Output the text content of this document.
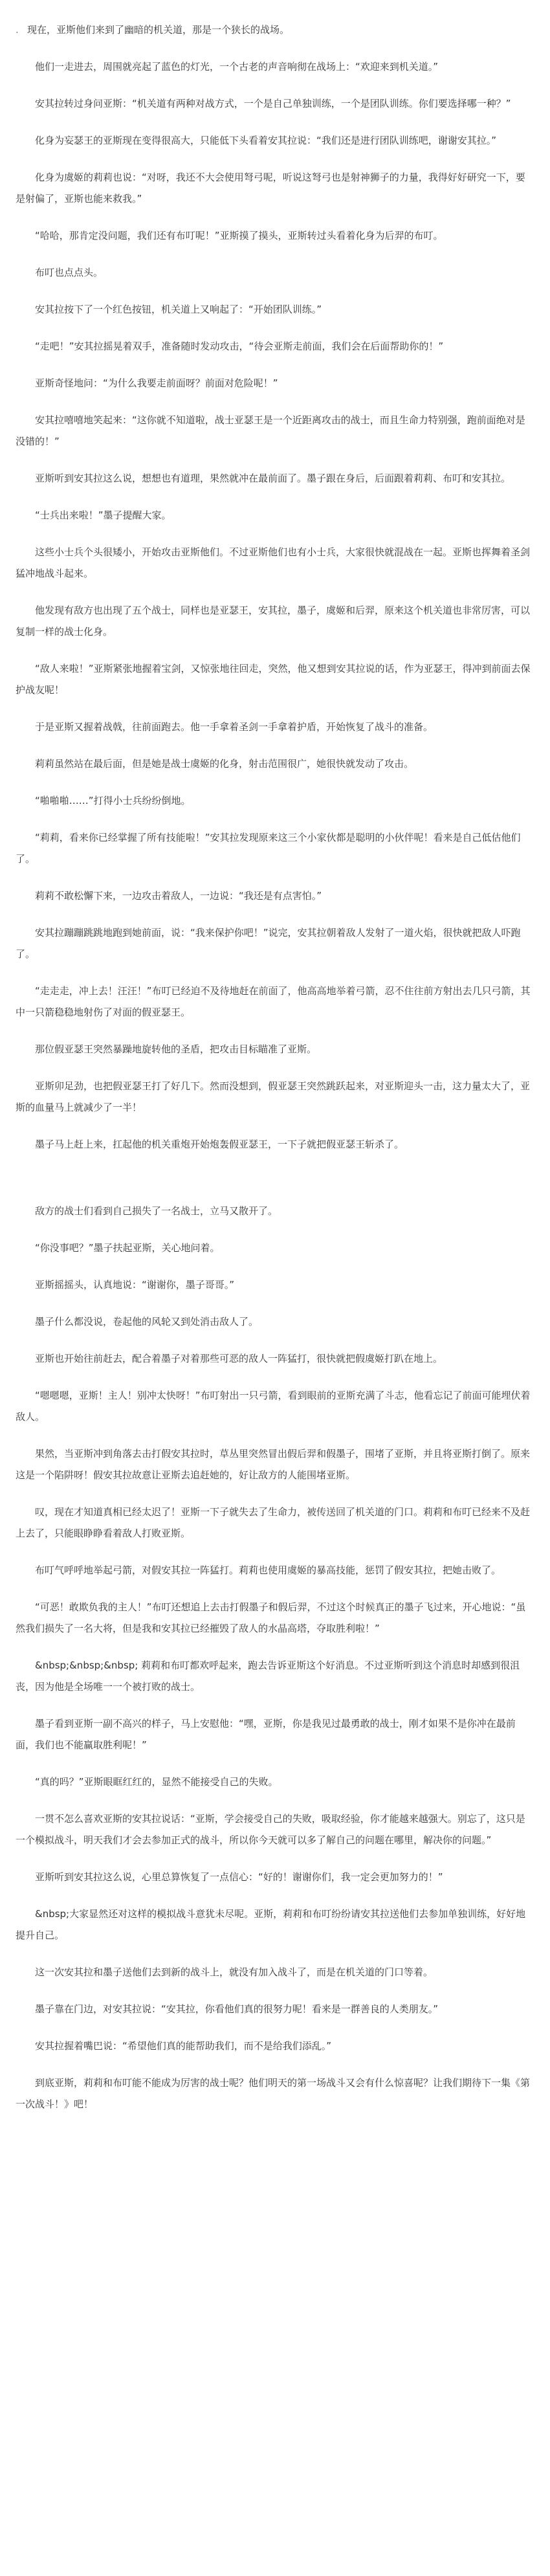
. 现在，亚斯他们来到了幽暗的机关道，那是一个狭长的战场。

他们一走进去，周围就亮起了蓝色的灯光，一个古老的声音响彻在战场上：“欢迎来到机关道。”

安其拉转过身问亚斯：“机关道有两种对战方式，一个是自己单独训练，一个是团队训练。你们要选择哪一种？”

化身为妄瑟王的亚斯现在变得很高大，只能低下头看着安其拉说：“我们还是进行团队训练吧，谢谢安其拉。”

化身为虞姬的莉莉也说：“对呀，我还不大会使用弩弓呢，听说这弩弓也是射神狮子的力量，我得好好研究一下，要是射偏了，亚斯也能来救我。”

“哈哈，那肯定没问题，我们还有布叮呢！”亚斯摸了摸头，亚斯转过头看着化身为后羿的布叮。

布叮也点点头。

安其拉按下了一个红色按钮，机关道上又响起了：“开始团队训练。”

“走吧！”安其拉摇晃着双手，准备随时发动攻击，“待会亚斯走前面，我们会在后面帮助你的！”

亚斯奇怪地问：“为什么我要走前面呀？前面对危险呢！”

安其拉嘻嘻地笑起来：“这你就不知道啦，战士亚瑟王是一个近距离攻击的战士，而且生命力特别强，跑前面绝对是没错的！”

亚斯听到安其拉这么说，想想也有道理，果然就冲在最前面了。墨子跟在身后，后面跟着莉莉、布叮和安其拉。

“士兵出来啦！”墨子提醒大家。

这些小士兵个头很矮小，开始攻击亚斯他们。不过亚斯他们也有小士兵，大家很快就混战在一起。亚斯也挥舞着圣剑猛冲地战斗起来。

他发现有敌方也出现了五个战士，同样也是亚瑟王，安其拉，墨子，虞姬和后羿，原来这个机关道也非常厉害，可以复制一样的战士化身。

“敌人来啦！”亚斯紧张地握着宝剑，又惊张地往回走，突然，他又想到安其拉说的话，作为亚瑟王，得冲到前面去保护战友呢！

于是亚斯又握着战戟，往前面跑去。他一手拿着圣剑一手拿着护盾，开始恢复了战斗的准备。

莉莉虽然站在最后面，但是她是战士虞姬的化身，射击范围很广，她很快就发动了攻击。

“啪啪啪……”打得小士兵纷纷倒地。

“莉莉，看来你已经掌握了所有技能啦！”安其拉发现原来这三个小家伙都是聪明的小伙伴呢！看来是自己低估他们了。

莉莉不敢松懈下来，一边攻击着敌人，一边说：“我还是有点害怕。”

安其拉蹦蹦跳跳地跑到她前面，说：“我来保护你吧！”说完，安其拉朝着敌人发射了一道火焰，很快就把敌人吓跑了。

“走走走，冲上去！汪汪！”布叮已经迫不及待地赶在前面了，他高高地举着弓箭，忍不住往前方射出去几只弓箭，其中一只箭稳稳地射伤了对面的假亚瑟王。

那位假亚瑟王突然暴躁地旋转他的圣盾，把攻击目标瞄准了亚斯。

亚斯卯足劲，也把假亚瑟王打了好几下。然而没想到，假亚瑟王突然跳跃起来，对亚斯迎头一击，这力量太大了，亚斯的血量马上就减少了一半！

墨子马上赶上来，扛起他的机关重炮开始炮轰假亚瑟王，一下子就把假亚瑟王斩杀了。

敌方的战士们看到自己损失了一名战士，立马又散开了。

“你没事吧？”墨子扶起亚斯，关心地问着。

亚斯摇摇头，认真地说：“谢谢你，墨子哥哥。”

墨子什么都没说，卷起他的风轮又到处消击敌人了。

亚斯也开始往前赶去，配合着墨子对着那些可恶的敌人一阵猛打，很快就把假虞姬打趴在地上。

“嗯嗯嗯，亚斯！主人！别冲太快呀！”布叮射出一只弓箭，看到眼前的亚斯充满了斗志，他看忘记了前面可能埋伏着敌人。

果然，当亚斯冲到角落去击打假安其拉时，草丛里突然冒出假后羿和假墨子，围堵了亚斯，并且将亚斯打倒了。原来这是一个陷阱呀！假安其拉故意让亚斯去追赶她的，好让敌方的人能围堵亚斯。

叹，现在才知道真相已经太迟了！亚斯一下子就失去了生命力，被传送回了机关道的门口。莉莉和布叮已经来不及赶上去了，只能眼睁睁看着敌人打败亚斯。

布叮气呼呼地举起弓箭，对假安其拉一阵猛打。莉莉也使用虞姬的暴高技能，惩罚了假安其拉，把她击败了。

“可恶！敢欺负我的主人！”布叮还想追上去击打假墨子和假后羿，不过这个时候真正的墨子飞过来，开心地说：“虽然我们损失了一名大将，但是我和安其拉已经摧毁了敌人的水晶高塔，夺取胜利啦！”

&nbsp;&nbsp;&nbsp; 莉莉和布叮都欢呼起来，跑去告诉亚斯这个好消息。不过亚斯听到这个消息时却感到很沮丧，因为他是全场唯一一个被打败的战士。

墨子看到亚斯一副不高兴的样子，马上安慰他：“嘿，亚斯，你是我见过最勇敢的战士，刚才如果不是你冲在最前面，我们也不能赢取胜利呢！”

“真的吗？”亚斯眼眶红红的，显然不能接受自己的失败。

一贯不怎么喜欢亚斯的安其拉说话：“亚斯，学会接受自己的失败，吸取经验，你才能越来越强大。别忘了，这只是一个模拟战斗，明天我们才会去参加正式的战斗，所以你今天就可以多了解自己的问题在哪里，解决你的问题。”

亚斯听到安其拉这么说，心里总算恢复了一点信心：“好的！谢谢你们，我一定会更加努力的！”

&nbsp;大家显然还对这样的模拟战斗意犹未尽呢。亚斯，莉莉和布叮纷纷请安其拉送他们去参加单独训练，好好地提升自己。

这一次安其拉和墨子送他们去到新的战斗上，就没有加入战斗了，而是在机关道的门口等着。

墨子靠在门边，对安其拉说：“安其拉，你看他们真的很努力呢！看来是一群善良的人类朋友。”

安其拉握着嘴巴说：“希望他们真的能帮助我们，而不是给我们添乱。”

到底亚斯，莉莉和布叮能不能成为厉害的战士呢？他们明天的第一场战斗又会有什么惊喜呢？让我们期待下一集《第一次战斗！》吧！
